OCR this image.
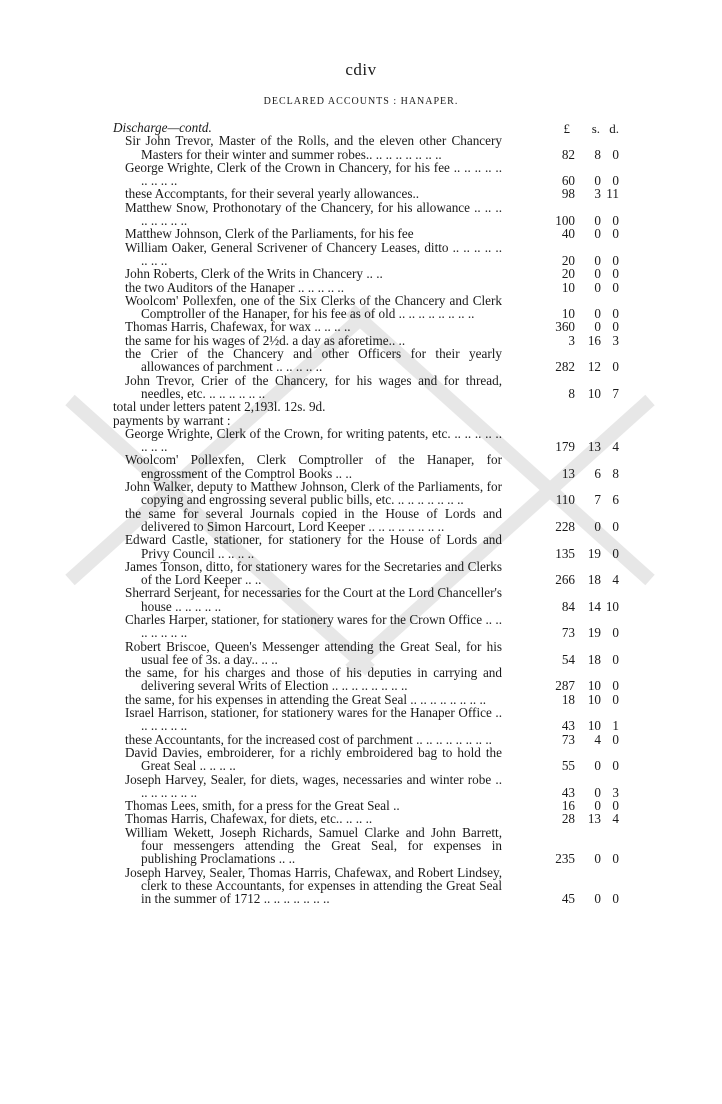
cdiv
DECLARED ACCOUNTS : HANAPER.
£ s. d.
Discharge—contd.
Sir John Trevor, Master of the Rolls, and the eleven other Chancery Masters for their winter and summer robes.. .. .. .. .. .. .. ..	82 8 0
George Wrighte, Clerk of the Crown in Chancery, for his fee .. .. .. .. .. .. .. .. ..	60 0 0
these Accomptants, for their several yearly allowances..	98 3 11
Matthew Snow, Prothonotary of the Chancery, for his allowance .. .. .. .. .. .. .. ..	100 0 0
Matthew Johnson, Clerk of the Parliaments, for his fee	40 0 0
William Oaker, General Scrivener of Chancery Leases, ditto .. .. .. .. .. .. .. ..	20 0 0
John Roberts, Clerk of the Writs in Chancery .. ..	20 0 0
the two Auditors of the Hanaper .. .. .. .. ..	10 0 0
Woolcom' Pollexfen, one of the Six Clerks of the Chancery and Clerk Comptroller of the Hanaper, for his fee as of old .. .. .. .. .. .. .. ..	10 0 0
Thomas Harris, Chafewax, for wax .. .. .. ..	360 0 0
the same for his wages of 2½d. a day as aforetime.. ..	3 16 3
the Crier of the Chancery and other Officers for their yearly allowances of parchment .. .. .. .. ..	282 12 0
John Trevor, Crier of the Chancery, for his wages and for thread, needles, etc. .. .. .. .. .. ..	8 10 7
total under letters patent 2,193l. 12s. 9d.
payments by warrant :
George Wrighte, Clerk of the Crown, for writing patents, etc. .. .. .. .. .. .. .. ..	179 13 4
Woolcom' Pollexfen, Clerk Comptroller of the Hanaper, for engrossment of the Comptrol Books .. ..	13 6 8
John Walker, deputy to Matthew Johnson, Clerk of the Parliaments, for copying and engrossing several public bills, etc. .. .. .. .. .. .. ..	110 7 6
the same for several Journals copied in the House of Lords and delivered to Simon Harcourt, Lord Keeper .. .. .. .. .. .. .. ..	228 0 0
Edward Castle, stationer, for stationery for the House of Lords and Privy Council .. .. .. ..	135 19 0
James Tonson, ditto, for stationery wares for the Secretaries and Clerks of the Lord Keeper .. ..	266 18 4
Sherrard Serjeant, for necessaries for the Court at the Lord Chanceller's house .. .. .. .. ..	84 14 10
Charles Harper, stationer, for stationery wares for the Crown Office .. .. .. .. .. .. ..	73 19 0
Robert Briscoe, Queen's Messenger attending the Great Seal, for his usual fee of 3s. a day.. .. ..	54 18 0
the same, for his charges and those of his deputies in carrying and delivering several Writs of Election .. .. .. .. .. .. .. ..	287 10 0
the same, for his expenses in attending the Great Seal .. .. .. .. .. .. .. ..	18 10 0
Israel Harrison, stationer, for stationery wares for the Hanaper Office .. .. .. .. .. ..	43 10 1
these Accountants, for the increased cost of parchment .. .. .. .. .. .. .. ..	73 4 0
David Davies, embroiderer, for a richly embroidered bag to hold the Great Seal .. .. .. ..	55 0 0
Joseph Harvey, Sealer, for diets, wages, necessaries and winter robe .. .. .. .. .. .. ..	43 0 3
Thomas Lees, smith, for a press for the Great Seal ..	16 0 0
Thomas Harris, Chafewax, for diets, etc.. .. .. ..	28 13 4
William Wekett, Joseph Richards, Samuel Clarke and John Barrett, four messengers attending the Great Seal, for expenses in publishing Proclamations .. ..	235 0 0
Joseph Harvey, Sealer, Thomas Harris, Chafewax, and Robert Lindsey, clerk to these Accountants, for expenses in attending the Great Seal in the summer of 1712 .. .. .. .. .. .. ..	45 0 0
